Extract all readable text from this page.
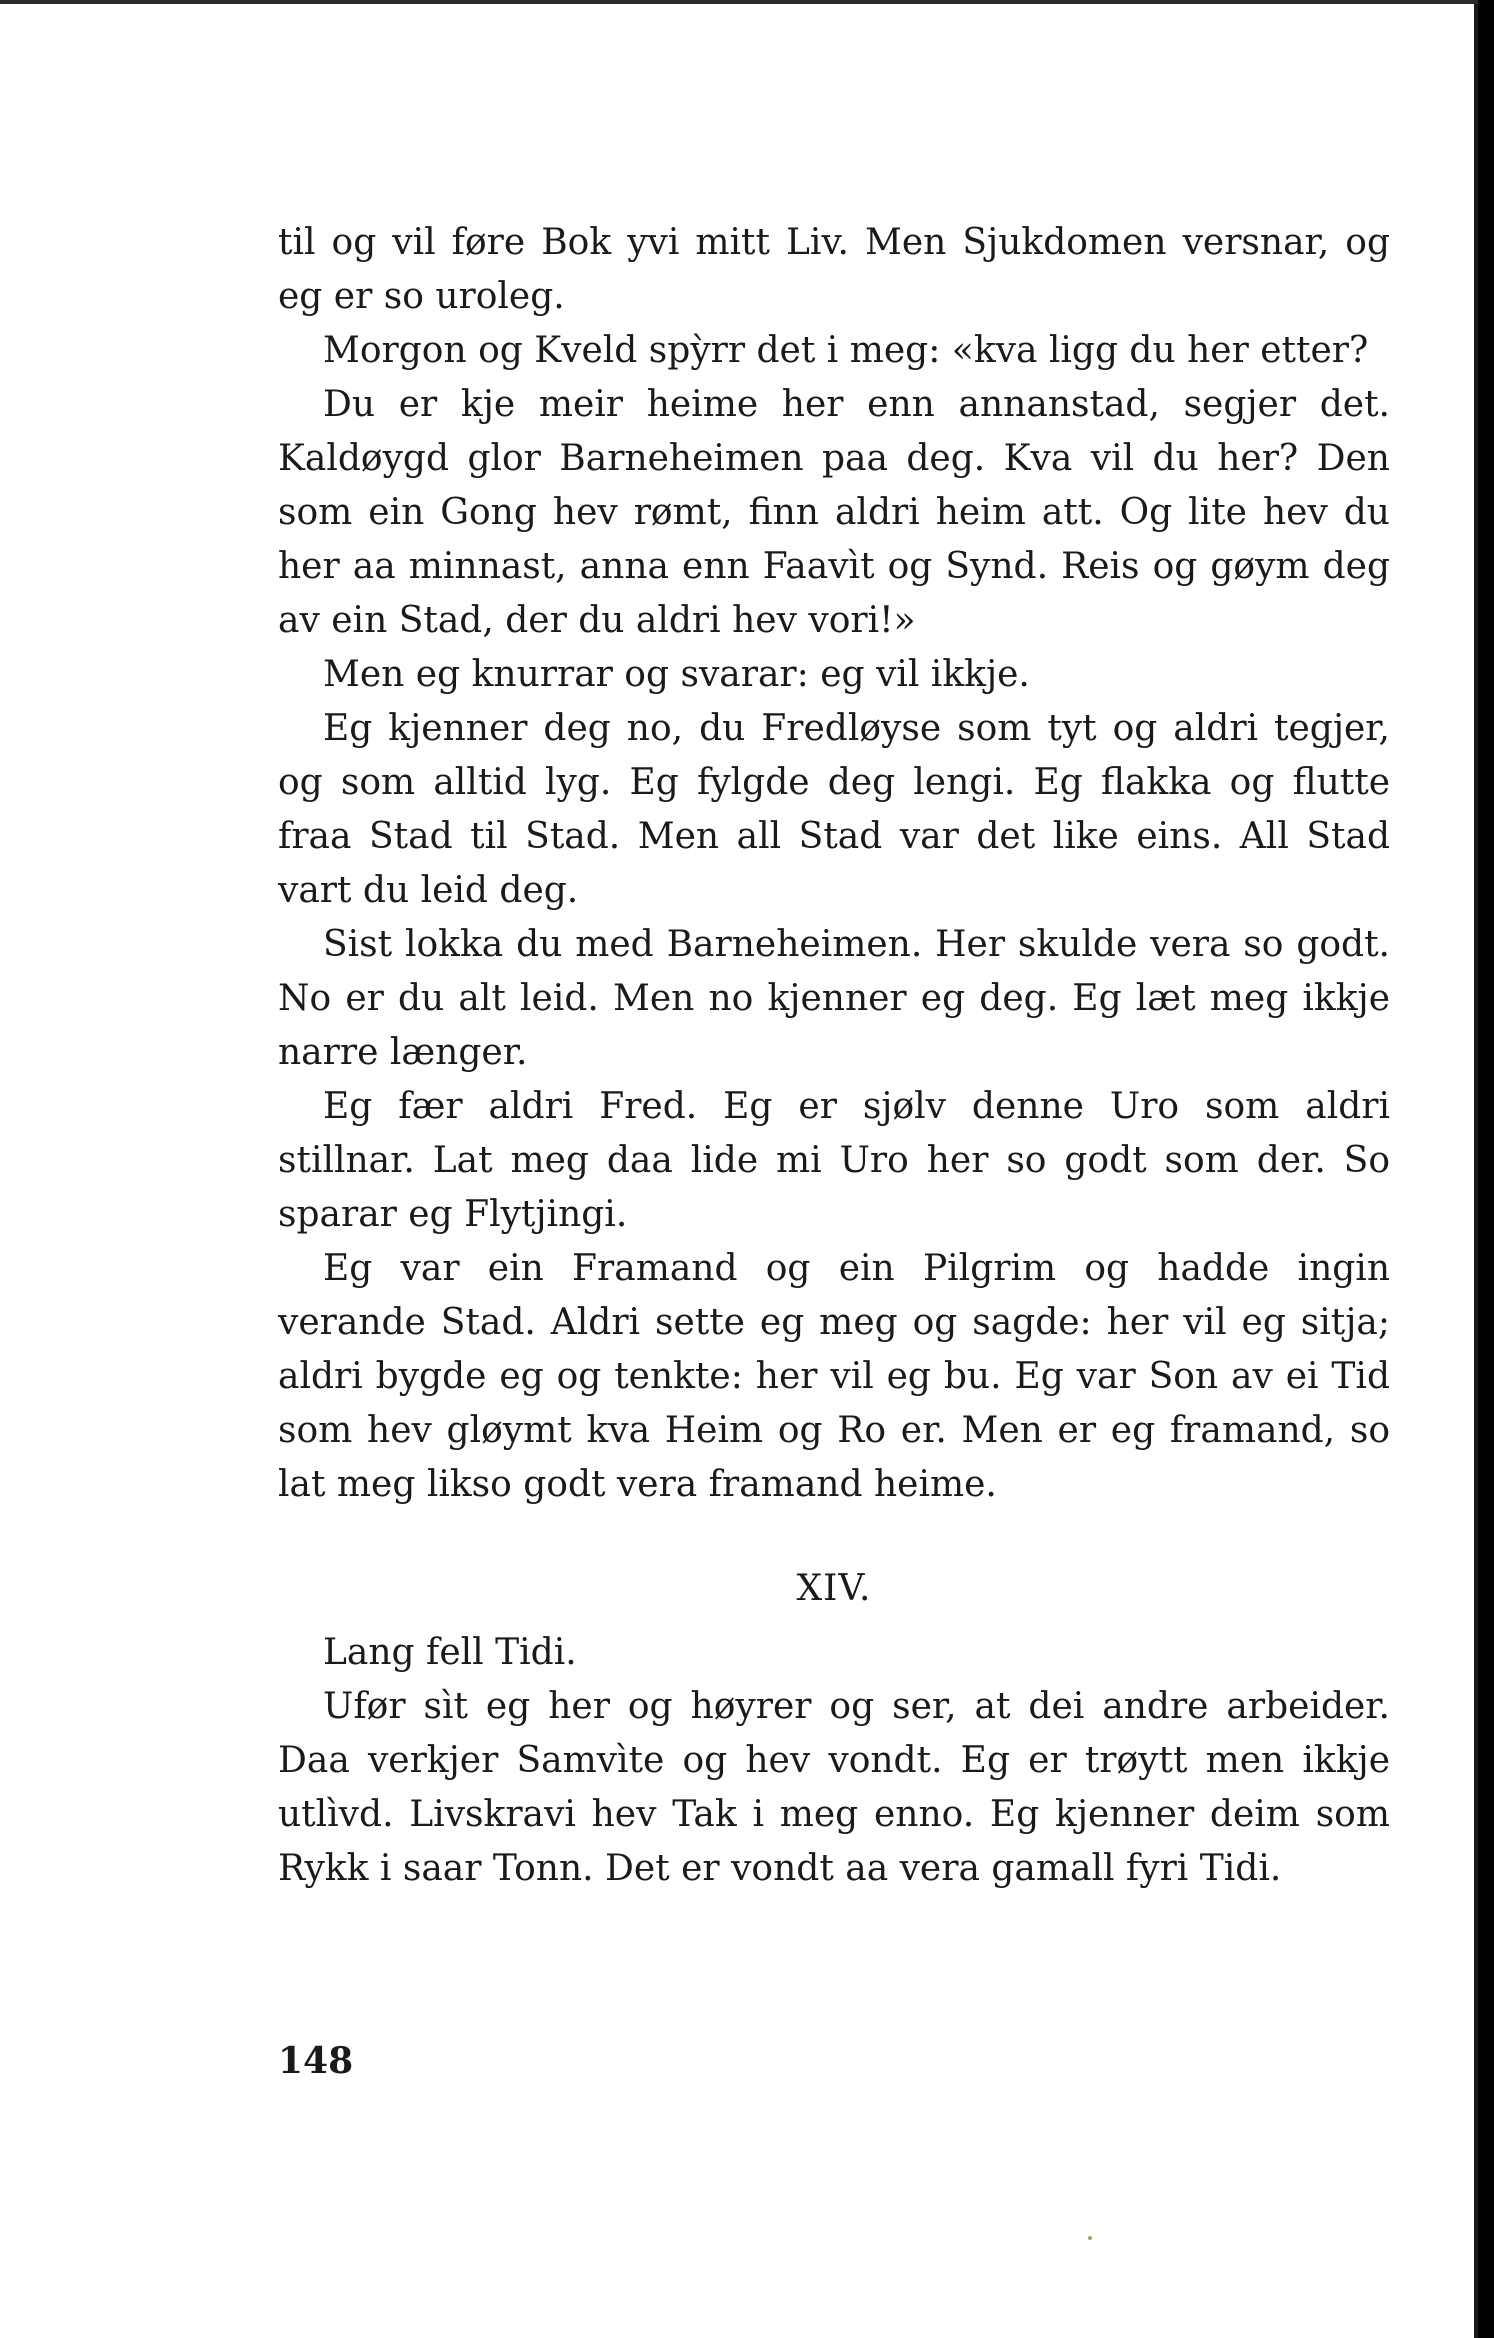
til og vil føre Bok yvi mitt Liv. Men Sjukdomen versnar, og eg er so uroleg.

Morgon og Kveld spỳrr det i meg: «kva ligg du her etter?

Du er kje meir heime her enn annanstad, segjer det. Kaldøygd glor Barneheimen paa deg. Kva vil du her? Den som ein Gong hev rømt, finn aldri heim att. Og lite hev du her aa minnast, anna enn Faavìt og Synd. Reis og gøym deg av ein Stad, der du aldri hev vori!»

Men eg knurrar og svarar: eg vil ikkje.

Eg kjenner deg no, du Fredløyse som tyt og aldri tegjer, og som alltid lyg. Eg fylgde deg lengi. Eg flakka og flutte fraa Stad til Stad. Men all Stad var det like eins. All Stad vart du leid deg.

Sist lokka du med Barneheimen. Her skulde vera so godt. No er du alt leid. Men no kjenner eg deg. Eg læt meg ikkje narre længer.

Eg fær aldri Fred. Eg er sjølv denne Uro som aldri stillnar. Lat meg daa lide mi Uro her so godt som der. So sparar eg Flytjingi.

Eg var ein Framand og ein Pilgrim og hadde ingin verande Stad. Aldri sette eg meg og sagde: her vil eg sitja; aldri bygde eg og tenkte: her vil eg bu. Eg var Son av ei Tid som hev gløymt kva Heim og Ro er. Men er eg framand, so lat meg likso godt vera framand heime.

XIV.

Lang fell Tidi.

Ufør sìt eg her og høyrer og ser, at dei andre arbeider. Daa verkjer Samvìte og hev vondt. Eg er trøytt men ikkje utlìvd. Livskravi hev Tak i meg enno. Eg kjenner deim som Rykk i saar Tonn. Det er vondt aa vera gamall fyri Tidi.

148
